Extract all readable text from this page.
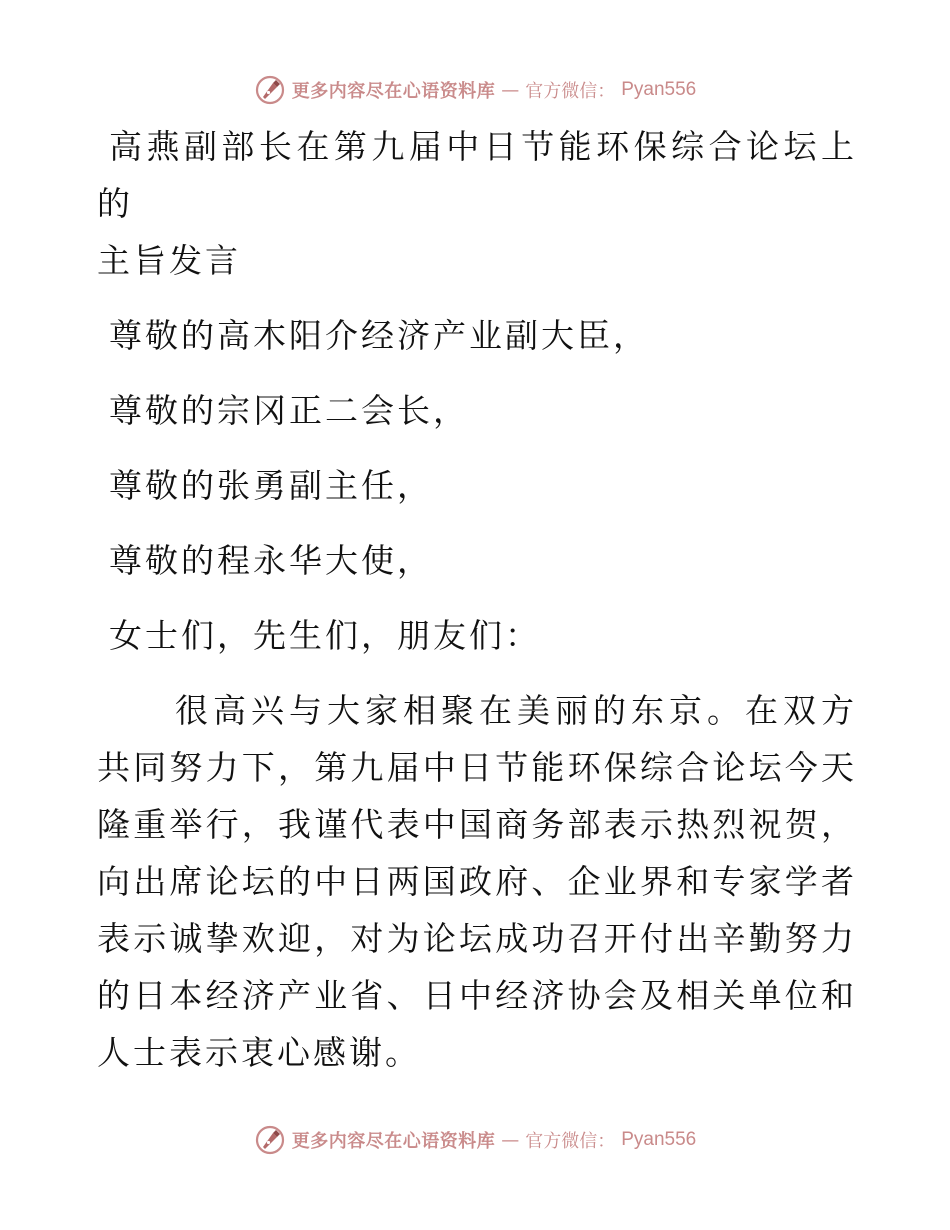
更多内容尽在心语资料库 — 官方微信： Pyan556

高燕副部长在第九届中日节能环保综合论坛上的
主旨发言

尊敬的高木阳介经济产业副大臣，

尊敬的宗冈正二会长，

尊敬的张勇副主任，

尊敬的程永华大使，

女士们，先生们，朋友们：

很高兴与大家相聚在美丽的东京。在双方共同努力下，第九届中日节能环保综合论坛今天隆重举行，我谨代表中国商务部表示热烈祝贺，向出席论坛的中日两国政府、企业界和专家学者表示诚挚欢迎，对为论坛成功召开付出辛勤努力的日本经济产业省、日中经济协会及相关单位和人士表示衷心感谢。

更多内容尽在心语资料库 — 官方微信： Pyan556
